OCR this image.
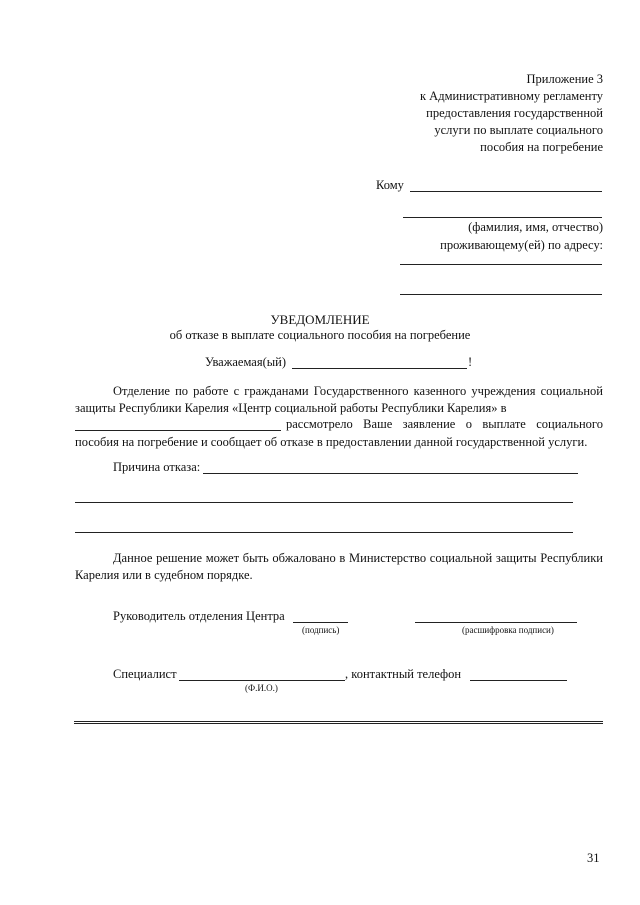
Приложение 3
к Административному регламенту
предоставления государственной
услуги по выплате социального
пособия на погребение
Кому
(фамилия, имя, отчество)
проживающему(ей) по адресу:
УВЕДОМЛЕНИЕ
об отказе в выплате социального пособия на погребение
Уважаемая(ый)	!
Отделение по работе с гражданами Государственного казенного учреждения социальной защиты Республики Карелия «Центр социальной работы Республики Карелия» в
рассмотрело Ваше заявление о выплате социального
пособия на погребение и сообщает об отказе в предоставлении данной государственной услуги.
Причина отказа:
Данное решение может быть обжаловано в Министерство социальной защиты Республики Карелия или в судебном порядке.
Руководитель отделения Центра
(подпись)	(расшифровка подписи)
Специалист	, контактный телефон
(Ф.И.О.)
31
